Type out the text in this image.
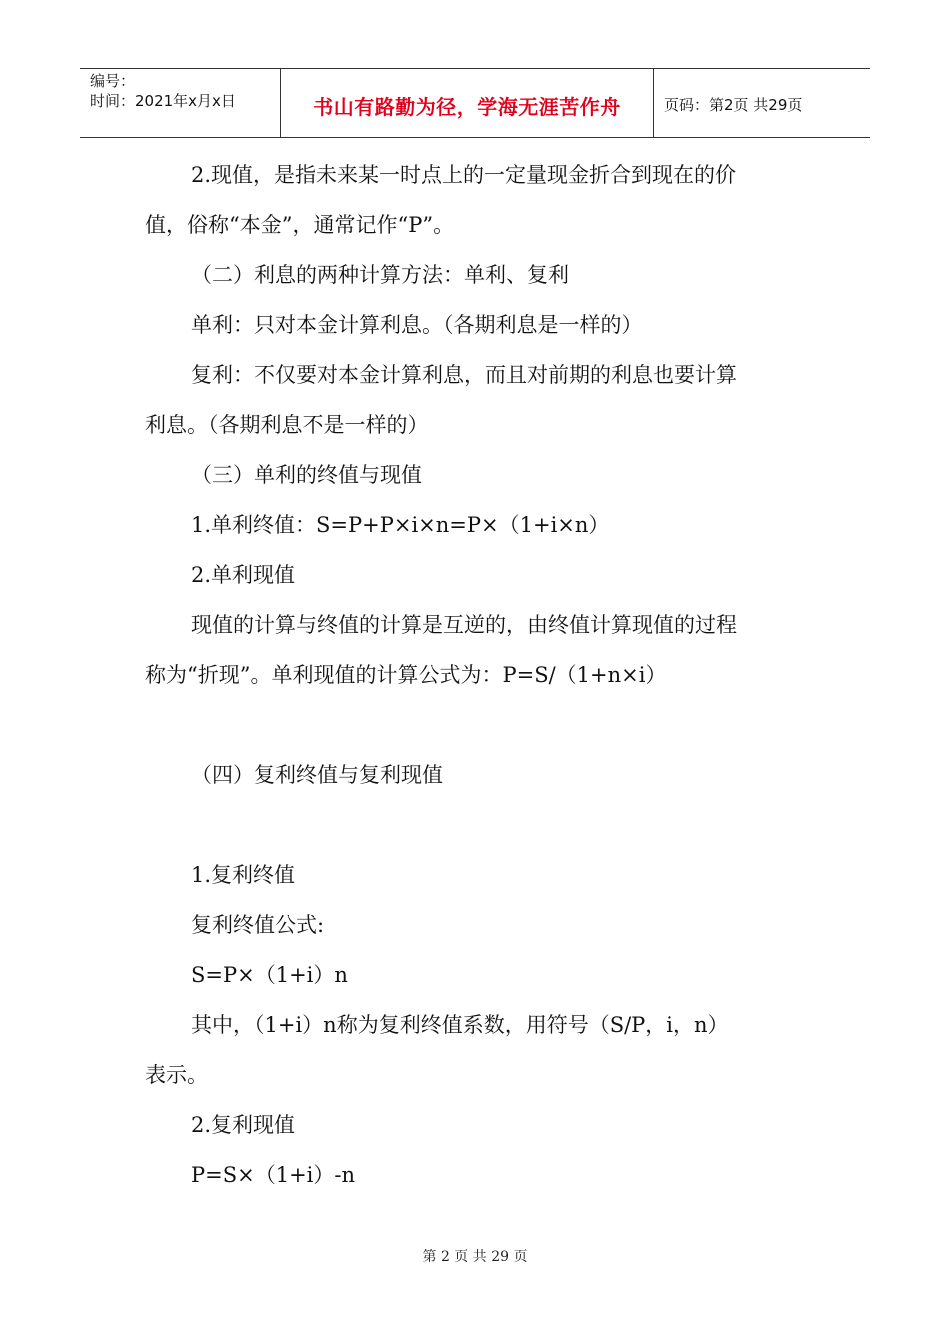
编号：
时间：2021年x月x日	书山有路勤为径，学海无涯苦作舟	页码：第2页 共29页
2.现值，是指未来某一时点上的一定量现金折合到现在的价
值，俗称“本金”，通常记作“P”。
（二）利息的两种计算方法：单利、复利
单利：只对本金计算利息。（各期利息是一样的）
复利：不仅要对本金计算利息，而且对前期的利息也要计算
利息。（各期利息不是一样的）
（三）单利的终值与现值
1.单利终值：S=P+P×i×n=P×（1+i×n）
2.单利现值
现值的计算与终值的计算是互逆的，由终值计算现值的过程
称为“折现”。单利现值的计算公式为：P=S/（1+n×i）
（四）复利终值与复利现值
1.复利终值
复利终值公式:
S=P×（1+i）n
其中，（1+i）n称为复利终值系数，用符号（S/P，i，n）
表示。
2.复利现值
P=S×（1+i）-n
第 2 页 共 29 页
